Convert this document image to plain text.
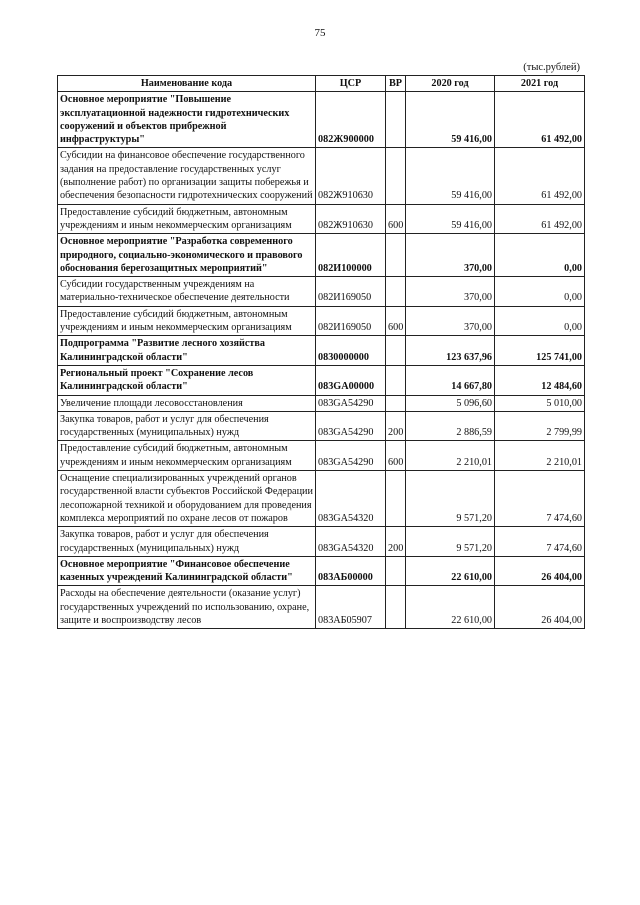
75
(тыс.рублей)
Наименование кода	ЦСР	ВР	2020 год	2021 год
Основное мероприятие "Повышение эксплуатационной надежности гидротехнических сооружений и объектов прибрежной инфраструктуры"	082Ж900000		59 416,00	61 492,00
Субсидии на финансовое обеспечение государственного задания на предоставление государственных услуг (выполнение работ) по организации защиты побережья и обеспечения безопасности гидротехнических сооружений	082Ж910630		59 416,00	61 492,00
Предоставление субсидий бюджетным, автономным учреждениям и иным некоммерческим организациям	082Ж910630	600	59 416,00	61 492,00
Основное мероприятие "Разработка современного природного, социально-экономического и правового обоснования берегозащитных мероприятий"	082И100000		370,00	0,00
Субсидии государственным учреждениям на материально-техническое обеспечение деятельности	082И169050		370,00	0,00
Предоставление субсидий бюджетным, автономным учреждениям и иным некоммерческим организациям	082И169050	600	370,00	0,00
Подпрограмма "Развитие лесного хозяйства Калининградской области"	0830000000		123 637,96	125 741,00
Региональный проект "Сохранение лесов Калининградской области"	083GA00000		14 667,80	12 484,60
Увеличение площади лесовосстановления	083GA54290		5 096,60	5 010,00
Закупка товаров, работ и услуг для обеспечения государственных (муниципальных) нужд	083GA54290	200	2 886,59	2 799,99
Предоставление субсидий бюджетным, автономным учреждениям и иным некоммерческим организациям	083GA54290	600	2 210,01	2 210,01
Оснащение специализированных учреждений органов государственной власти субъектов Российской Федерации лесопожарной техникой и оборудованием для проведения комплекса мероприятий по охране лесов от пожаров	083GA54320		9 571,20	7 474,60
Закупка товаров, работ и услуг для обеспечения государственных (муниципальных) нужд	083GA54320	200	9 571,20	7 474,60
Основное мероприятие "Финансовое обеспечение казенных учреждений Калининградской области"	083АБ00000		22 610,00	26 404,00
Расходы на обеспечение деятельности (оказание услуг) государственных учреждений по использованию, охране, защите и воспроизводству лесов	083АБ05907		22 610,00	26 404,00
